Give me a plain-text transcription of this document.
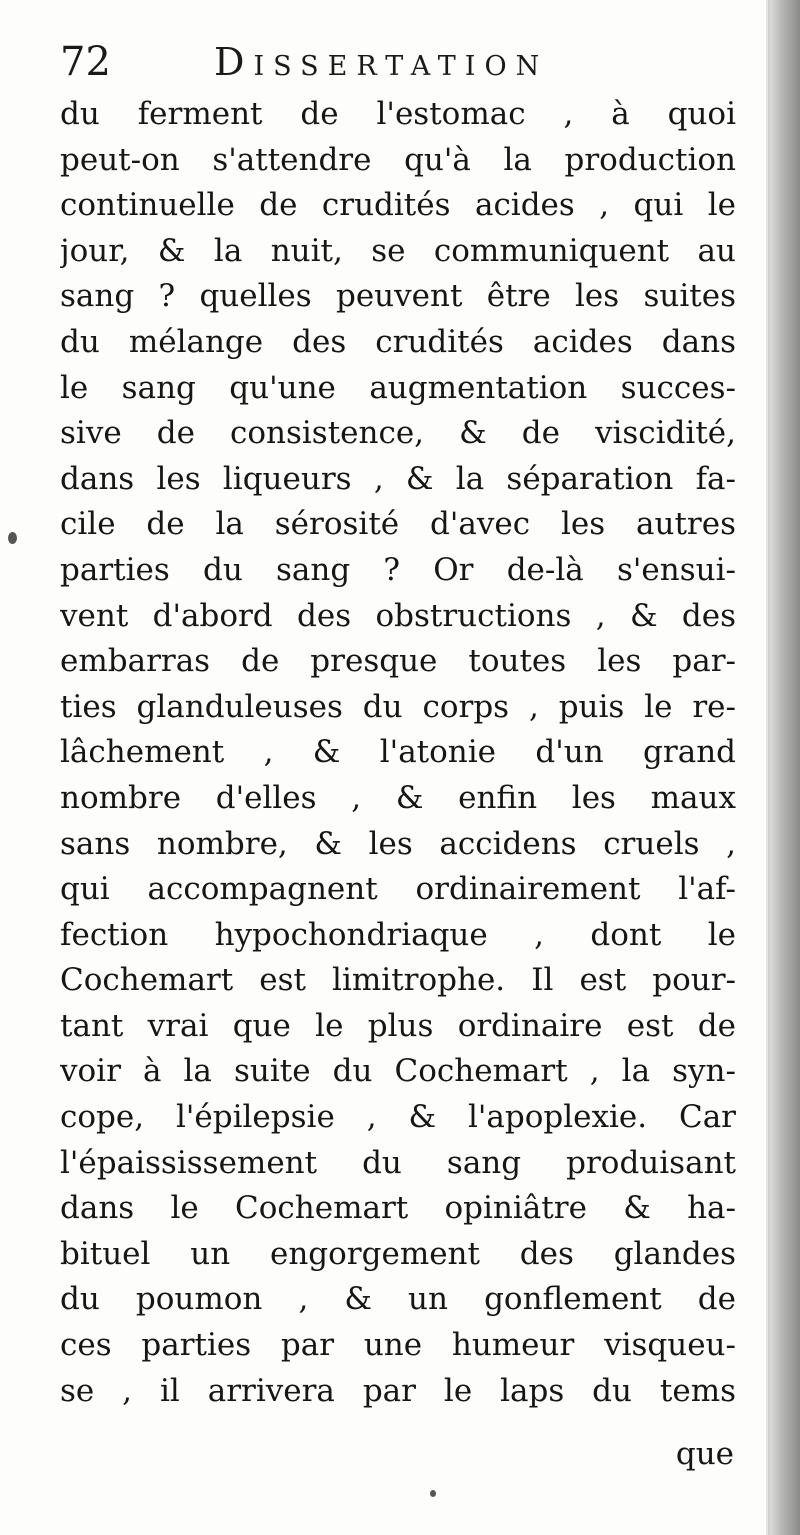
72	Dissertation
du ferment de l'estomac , à quoi
peut-on s'attendre qu'à la production
continuelle de crudités acides , qui le
jour, & la nuit, se communiquent au
sang ? quelles peuvent être les suites
du mélange des crudités acides dans
le sang qu'une augmentation succes-
sive de consistence, & de viscidité,
dans les liqueurs , & la séparation fa-
cile de la sérosité d'avec les autres
parties du sang ? Or de-là s'ensui-
vent d'abord des obstructions , & des
embarras de presque toutes les par-
ties glanduleuses du corps , puis le re-
lâchement , & l'atonie d'un grand
nombre d'elles , & enfin les maux
sans nombre, & les accidens cruels ,
qui accompagnent ordinairement l'af-
fection hypochondriaque , dont le
Cochemart est limitrophe. Il est pour-
tant vrai que le plus ordinaire est de
voir à la suite du Cochemart , la syn-
cope, l'épilepsie , & l'apoplexie. Car
l'épaississement du sang produisant
dans le Cochemart opiniâtre & ha-
bituel un engorgement des glandes
du poumon , & un gonflement de
ces parties par une humeur visqueu-
se , il arrivera par le laps du tems
que
